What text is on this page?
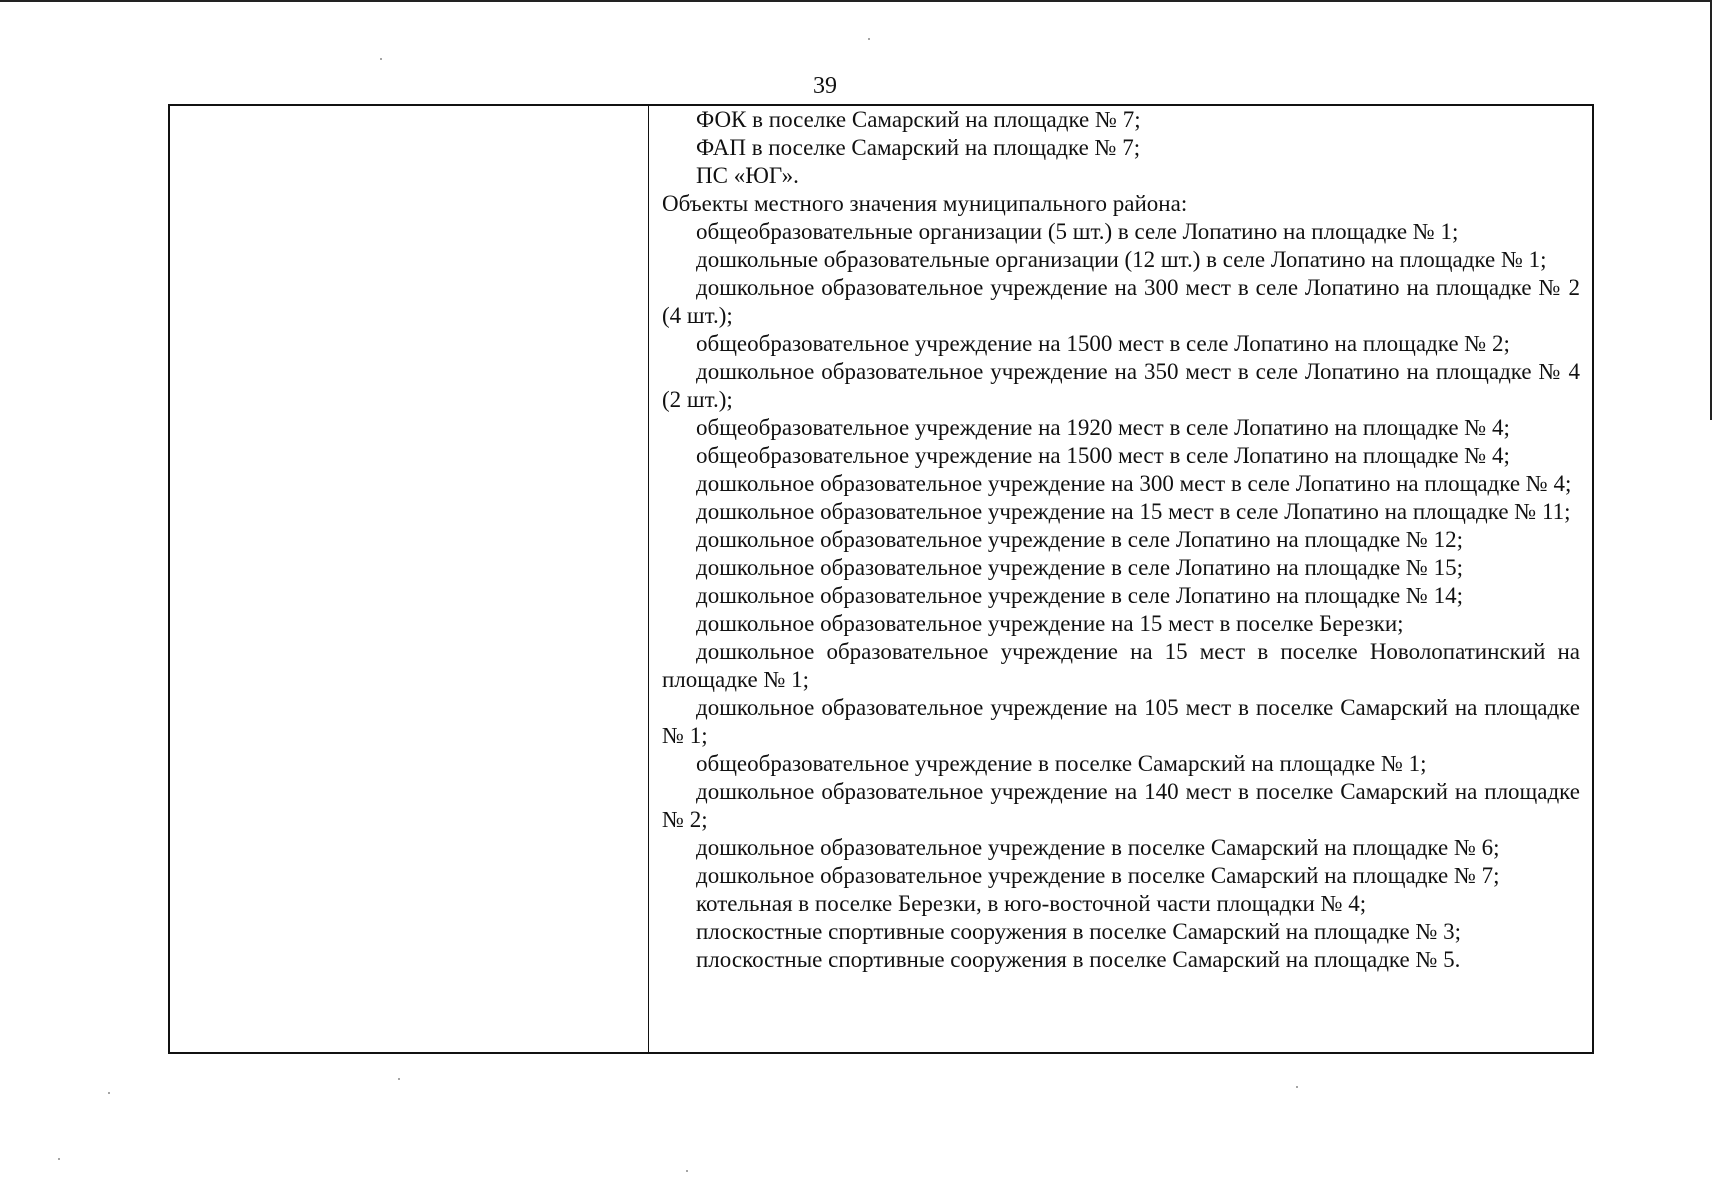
39

ФОК в поселке Самарский на площадке № 7;

ФАП в поселке Самарский на площадке № 7;

ПС «ЮГ».

Объекты местного значения муниципального района:

общеобразовательные организации (5 шт.) в селе Лопатино на площадке № 1;

дошкольные образовательные организации (12 шт.) в селе Лопатино на площадке № 1;

дошкольное образовательное учреждение на 300 мест в селе Лопатино на площадке № 2 (4 шт.);

общеобразовательное учреждение на 1500 мест в селе Лопатино на площадке № 2;

дошкольное образовательное учреждение на 350 мест в селе Лопатино на площадке № 4 (2 шт.);

общеобразовательное учреждение на 1920 мест в селе Лопатино на площадке № 4;

общеобразовательное учреждение на 1500 мест в селе Лопатино на площадке № 4;

дошкольное образовательное учреждение на 300 мест в селе Лопатино на площадке № 4;

дошкольное образовательное учреждение на 15 мест в селе Лопатино на площадке № 11;

дошкольное образовательное учреждение в селе Лопатино на площадке № 12;

дошкольное образовательное учреждение в селе Лопатино на площадке № 15;

дошкольное образовательное учреждение в селе Лопатино на площадке № 14;

дошкольное образовательное учреждение на 15 мест в поселке Березки;

дошкольное образовательное учреждение на 15 мест в поселке Новолопатинский на площадке № 1;

дошкольное образовательное учреждение на 105 мест в поселке Самарский на площадке № 1;

общеобразовательное учреждение в поселке Самарский на площадке № 1;

дошкольное образовательное учреждение на 140 мест в поселке Самарский на площадке № 2;

дошкольное образовательное учреждение в поселке Самарский на площадке № 6;

дошкольное образовательное учреждение в поселке Самарский на площадке № 7;

котельная в поселке Березки, в юго-восточной части площадки № 4;

плоскостные спортивные сооружения в поселке Самарский на площадке № 3;

плоскостные спортивные сооружения в поселке Самарский на площадке № 5.
